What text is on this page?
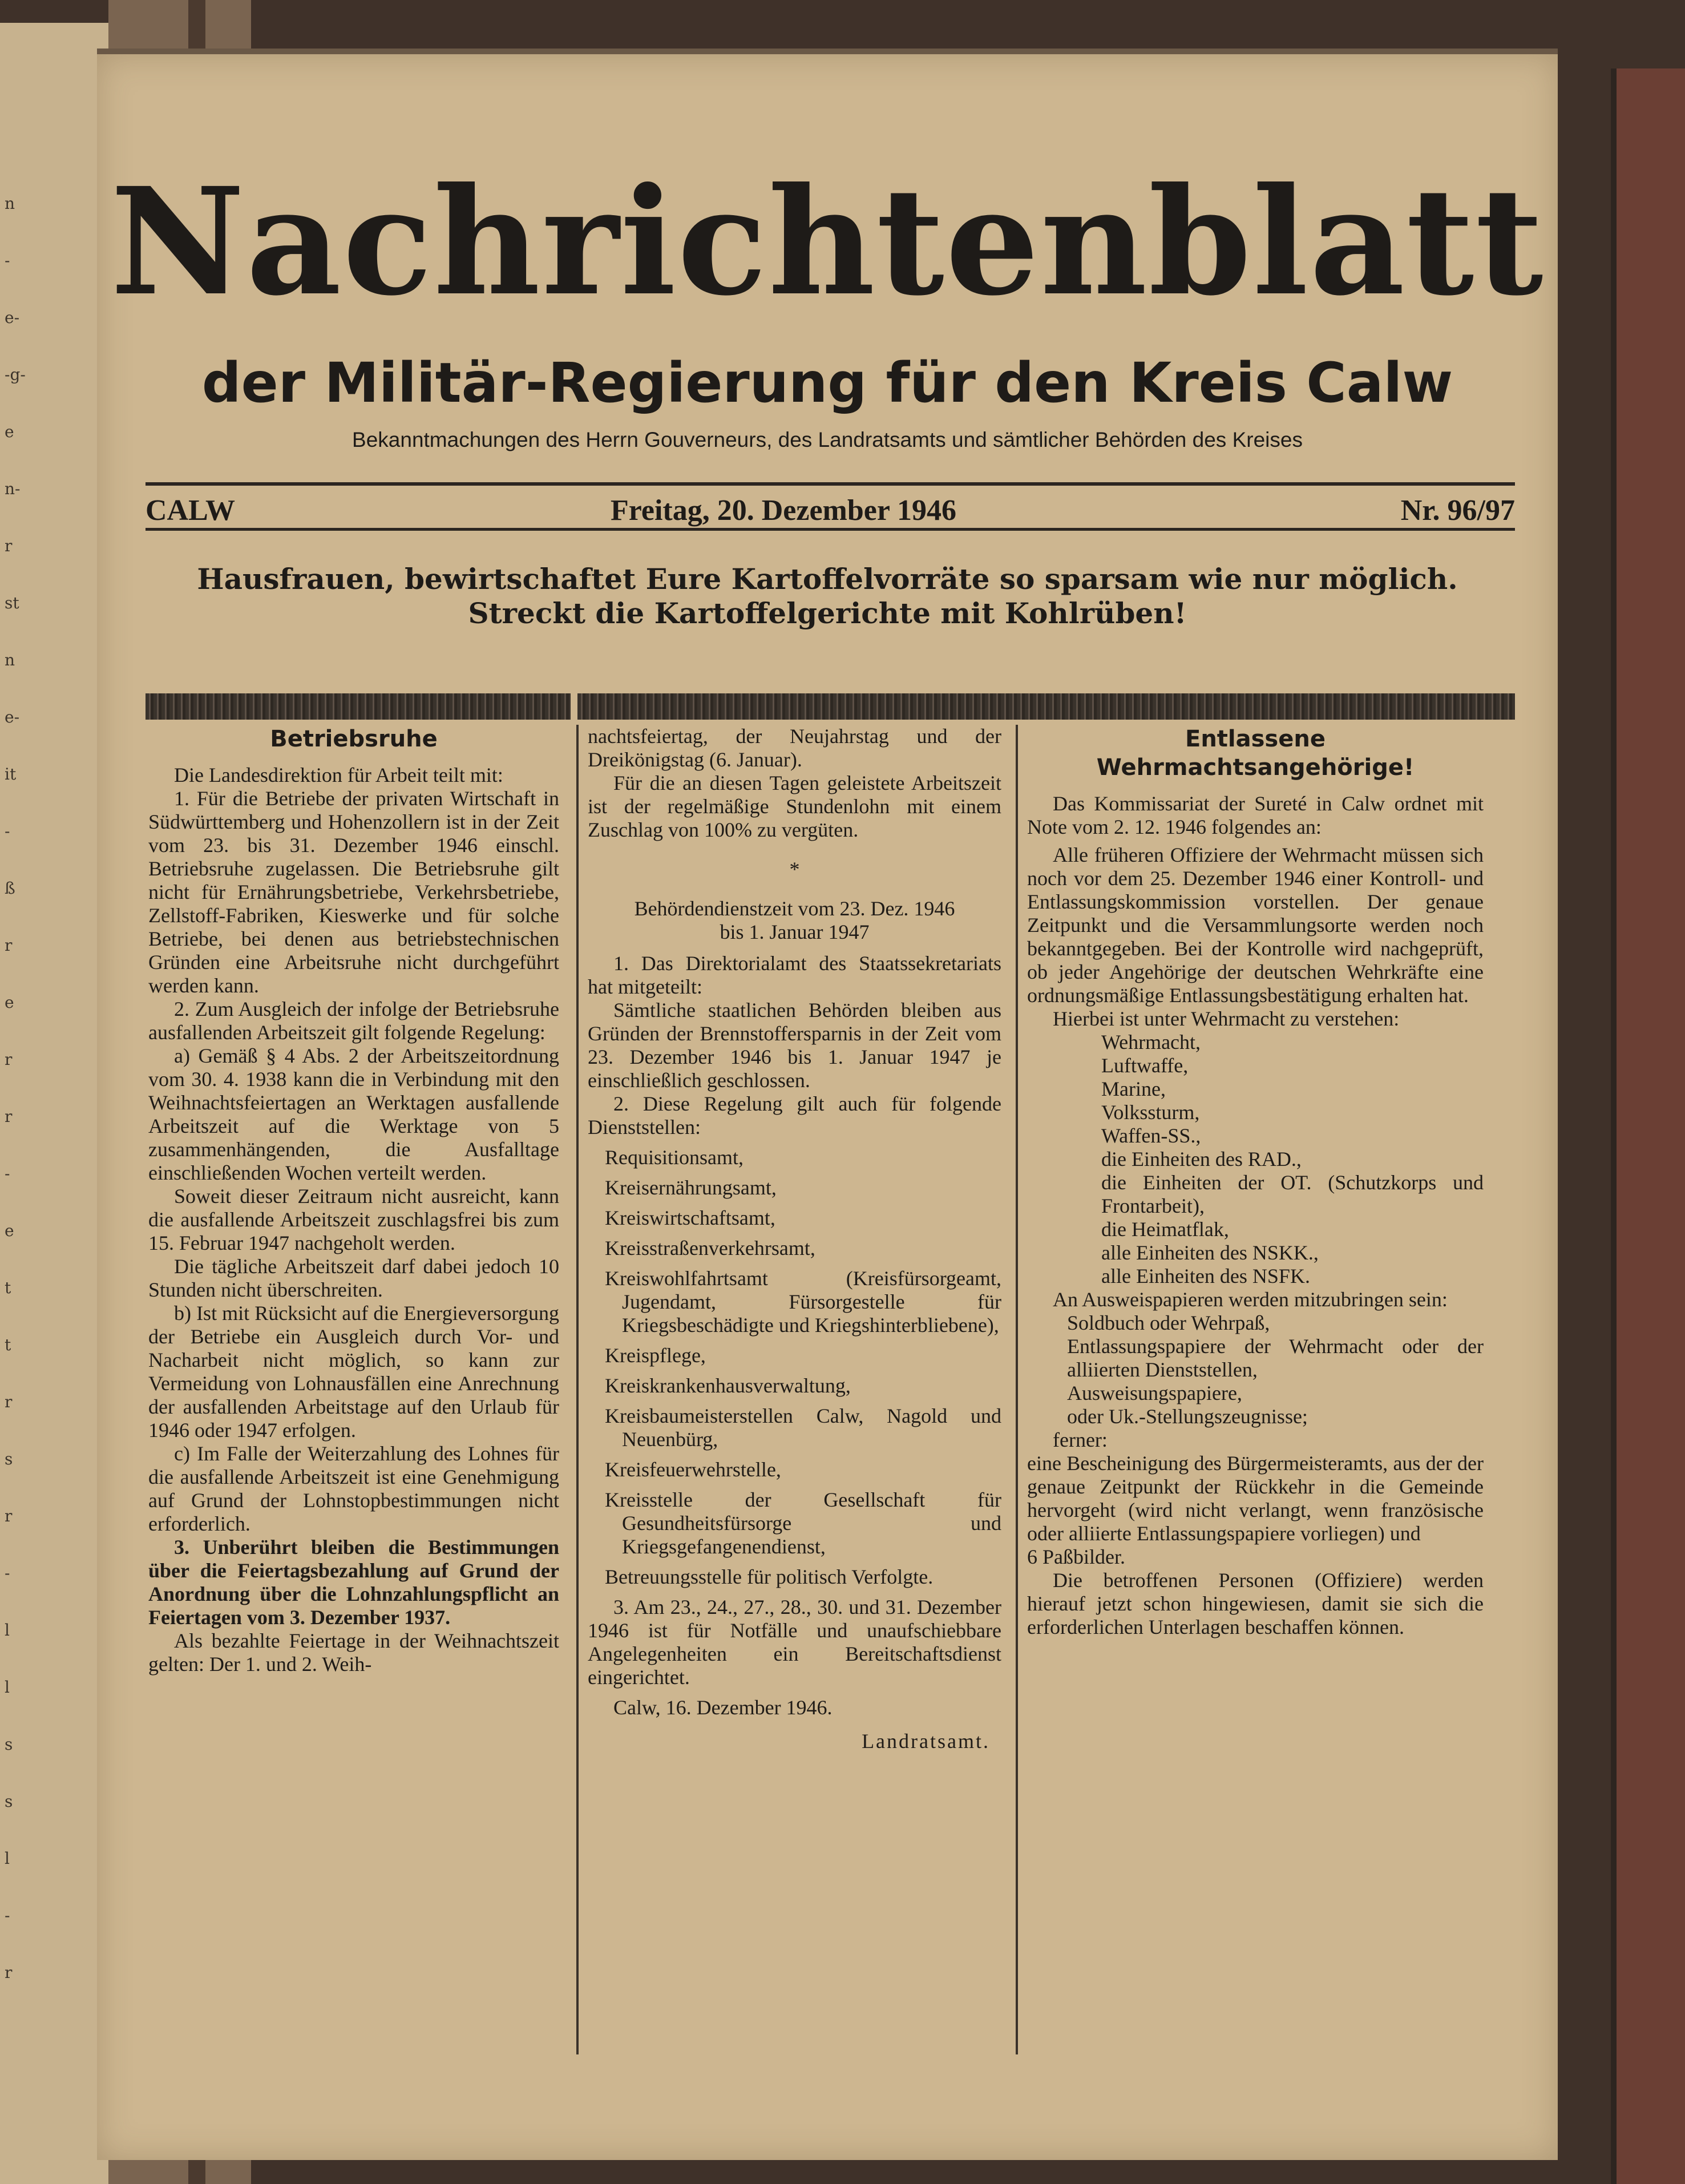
n
-
e-
-g-
e
n-
r
st
n
e-
it
-
ß
r
e
r
r
-
e
t
t
r
s
r
-
l
l
s
s
l
-
r
Nachrichtenblatt
der Militär-Regierung für den Kreis Calw
Bekanntmachungen des Herrn Gouverneurs, des Landratsamts und sämtlicher Behörden des Kreises
CALW	Freitag, 20. Dezember 1946	Nr. 96/97
Hausfrauen, bewirtschaftet Eure Kartoffelvorräte so sparsam wie nur möglich.
Streckt die Kartoffelgerichte mit Kohlrüben!

Betriebsruhe

Die Landesdirektion für Arbeit teilt mit:

1. Für die Betriebe der privaten Wirtschaft in Südwürttemberg und Hohenzollern ist in der Zeit vom 23. bis 31. Dezember 1946 einschl. Betriebsruhe zugelassen. Die Betriebsruhe gilt nicht für Ernährungsbetriebe, Verkehrsbetriebe, Zellstoff-Fabriken, Kieswerke und für solche Betriebe, bei denen aus betriebstechnischen Gründen eine Arbeitsruhe nicht durchgeführt werden kann.

2. Zum Ausgleich der infolge der Betriebsruhe ausfallenden Arbeitszeit gilt folgende Regelung:

a) Gemäß § 4 Abs. 2 der Arbeitszeitordnung vom 30. 4. 1938 kann die in Verbindung mit den Weihnachtsfeiertagen an Werktagen ausfallende Arbeitszeit auf die Werktage von 5 zusammenhängenden, die Ausfalltage einschließenden Wochen verteilt werden.

Soweit dieser Zeitraum nicht ausreicht, kann die ausfallende Arbeitszeit zuschlagsfrei bis zum 15. Februar 1947 nachgeholt werden.

Die tägliche Arbeitszeit darf dabei jedoch 10 Stunden nicht überschreiten.

b) Ist mit Rücksicht auf die Energieversorgung der Betriebe ein Ausgleich durch Vor- und Nacharbeit nicht möglich, so kann zur Vermeidung von Lohnausfällen eine Anrechnung der ausfallenden Arbeitstage auf den Urlaub für 1946 oder 1947 erfolgen.

c) Im Falle der Weiterzahlung des Lohnes für die ausfallende Arbeitszeit ist eine Genehmigung auf Grund der Lohnstopbestimmungen nicht erforderlich.

3. Unberührt bleiben die Bestimmungen über die Feiertagsbezahlung auf Grund der Anordnung über die Lohnzahlungspflicht an Feiertagen vom 3. Dezember 1937.

Als bezahlte Feiertage in der Weihnachtszeit gelten: Der 1. und 2. Weih-

nachtsfeiertag, der Neujahrstag und der Dreikönigstag (6. Januar).

Für die an diesen Tagen geleistete Arbeitszeit ist der regelmäßige Stundenlohn mit einem Zuschlag von 100% zu vergüten.

*

Behördendienstzeit vom 23. Dez. 1946

bis 1. Januar 1947

1. Das Direktorialamt des Staatssekretariats hat mitgeteilt:

Sämtliche staatlichen Behörden bleiben aus Gründen der Brennstoffersparnis in der Zeit vom 23. Dezember 1946 bis 1. Januar 1947 je einschließlich geschlossen.

2. Diese Regelung gilt auch für folgende Dienststellen:

Requisitionsamt,

Kreisernährungsamt,

Kreiswirtschaftsamt,

Kreisstraßenverkehrsamt,

Kreiswohlfahrtsamt (Kreisfürsorgeamt, Jugendamt, Fürsorgestelle für Kriegsbeschädigte und Kriegshinterbliebene),

Kreispflege,

Kreiskrankenhausverwaltung,

Kreisbaumeisterstellen Calw, Nagold und Neuenbürg,

Kreisfeuerwehrstelle,

Kreisstelle der Gesellschaft für Gesundheitsfürsorge und Kriegsgefangenendienst,

Betreuungsstelle für politisch Verfolgte.

3. Am 23., 24., 27., 28., 30. und 31. Dezember 1946 ist für Notfälle und unaufschiebbare Angelegenheiten ein Bereitschaftsdienst eingerichtet.

Calw, 16. Dezember 1946.

Landratsamt.

Entlassene Wehrmachtsangehörige!

Das Kommissariat der Sureté in Calw ordnet mit Note vom 2. 12. 1946 folgendes an:

Alle früheren Offiziere der Wehrmacht müssen sich noch vor dem 25. Dezember 1946 einer Kontroll- und Entlassungskommission vorstellen. Der genaue Zeitpunkt und die Versammlungsorte werden noch bekanntgegeben. Bei der Kontrolle wird nachgeprüft, ob jeder Angehörige der deutschen Wehrkräfte eine ordnungsmäßige Entlassungsbestätigung erhalten hat.

Hierbei ist unter Wehrmacht zu verstehen:

Wehrmacht,

Luftwaffe,

Marine,

Volkssturm,

Waffen-SS.,

die Einheiten des RAD.,

die Einheiten der OT. (Schutzkorps und Frontarbeit),

die Heimatflak,

alle Einheiten des NSKK.,

alle Einheiten des NSFK.

An Ausweispapieren werden mitzubringen sein:

Soldbuch oder Wehrpaß,

Entlassungspapiere der Wehrmacht oder der alliierten Dienststellen,

Ausweisungspapiere,

oder Uk.-Stellungszeugnisse;

ferner:

eine Bescheinigung des Bürgermeisteramts, aus der der genaue Zeitpunkt der Rückkehr in die Gemeinde hervorgeht (wird nicht verlangt, wenn französische oder alliierte Entlassungspapiere vorliegen) und

6 Paßbilder.

Die betroffenen Personen (Offiziere) werden hierauf jetzt schon hingewiesen, damit sie sich die erforderlichen Unterlagen beschaffen können.
